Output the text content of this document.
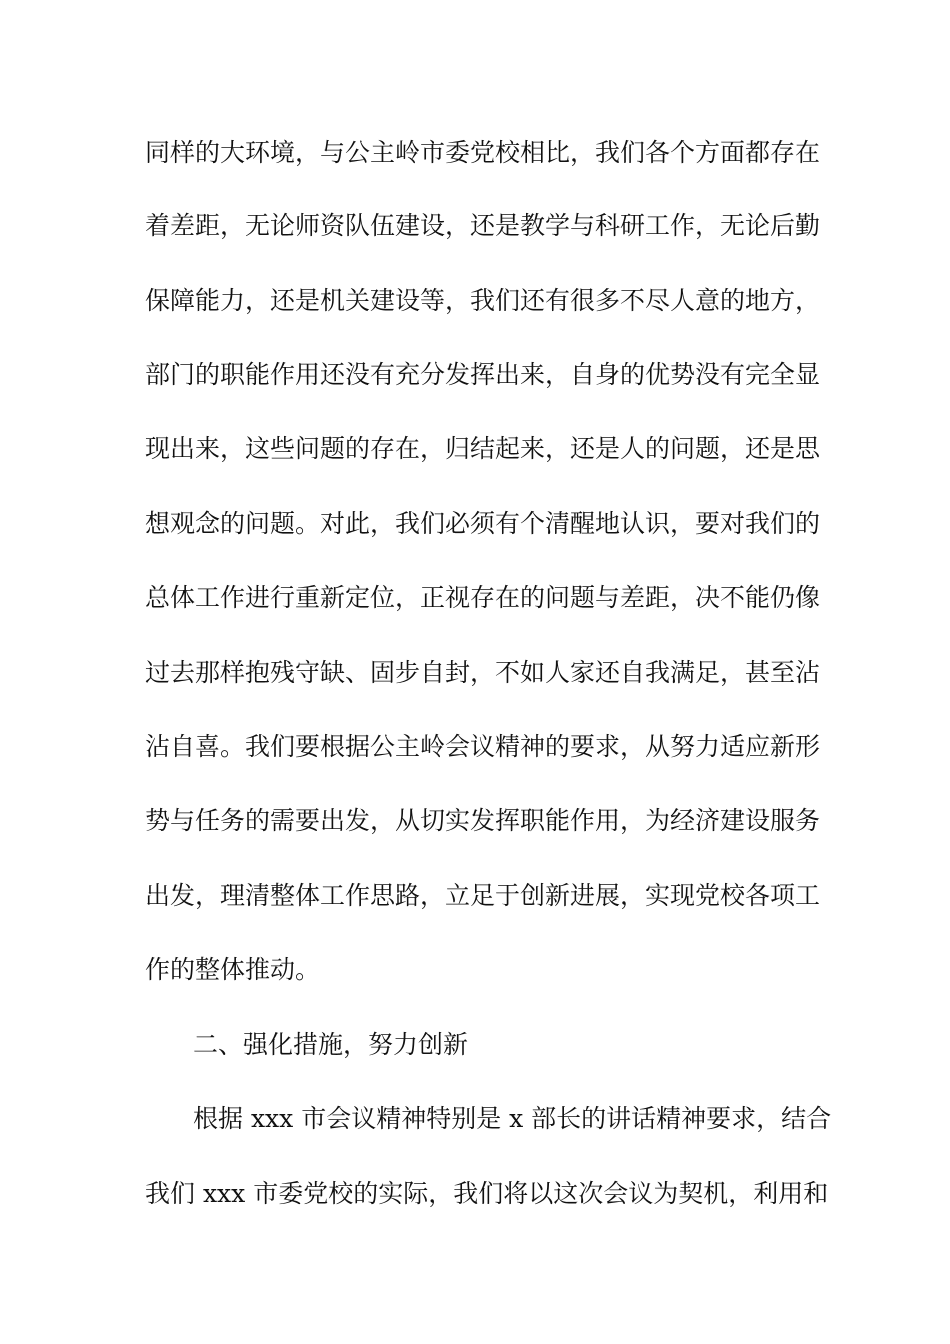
同样的大环境，与公主岭市委党校相比，我们各个方面都存在
着差距，无论师资队伍建设，还是教学与科研工作，无论后勤
保障能力，还是机关建设等，我们还有很多不尽人意的地方，
部门的职能作用还没有充分发挥出来，自身的优势没有完全显
现出来，这些问题的存在，归结起来，还是人的问题，还是思
想观念的问题。对此，我们必须有个清醒地认识，要对我们的
总体工作进行重新定位，正视存在的问题与差距，决不能仍像
过去那样抱残守缺、固步自封，不如人家还自我满足，甚至沾
沾自喜。我们要根据公主岭会议精神的要求，从努力适应新形
势与任务的需要出发，从切实发挥职能作用，为经济建设服务
出发，理清整体工作思路，立足于创新进展，实现党校各项工
作的整体推动。
二、强化措施，努力创新
根据 xxx 市会议精神特别是 x 部长的讲话精神要求，结合
我们 xxx 市委党校的实际，我们将以这次会议为契机，利用和
